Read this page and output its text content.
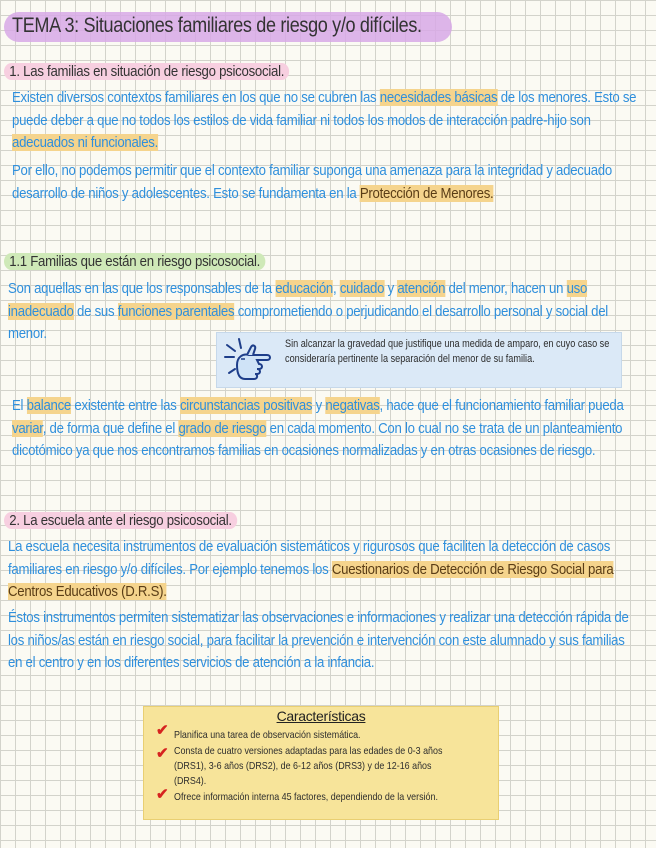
TEMA 3: Situaciones familiares de riesgo y/o difíciles.
1. Las familias en situación de riesgo psicosocial.
Existen diversos contextos familiares en los que no se cubren las necesidades básicas de los menores. Esto se puede deber a que no todos los estilos de vida familiar ni todos los modos de interacción padre-hijo son adecuados ni funcionales.
Por ello, no podemos permitir que el contexto familiar suponga una amenaza para la integridad y adecuado desarrollo de niños y adolescentes. Esto se fundamenta en la Protección de Menores.
1.1 Familias que están en riesgo psicosocial.
Son aquellas en las que los responsables de la educación, cuidado y atención del menor, hacen un uso inadecuado de sus funciones parentales comprometiendo o perjudicando el desarrollo personal y social del menor.
Sin alcanzar la gravedad que justifique una medida de amparo, en cuyo caso se consideraría pertinente la separación del menor de su familia.
El balance existente entre las circunstancias positivas y negativas, hace que el funcionamiento familiar pueda variar, de forma que define el grado de riesgo en cada momento. Con lo cual no se trata de un planteamiento dicotómico ya que nos encontramos familias en ocasiones normalizadas y en otras ocasiones de riesgo.
2. La escuela ante el riesgo psicosocial.
La escuela necesita instrumentos de evaluación sistemáticos y rigurosos que faciliten la detección de casos familiares en riesgo y/o difíciles. Por ejemplo tenemos los Cuestionarios de Detección de Riesgo Social para Centros Educativos (D.R.S).
Éstos instrumentos permiten sistematizar las observaciones e informaciones y realizar una detección rápida de los niños/as están en riesgo social, para facilitar la prevención e intervención con este alumnado y sus familias en el centro y en los diferentes servicios de atención a la infancia.
Características
✔
✔
✔
Planifica una tarea de observación sistemática.
Consta de cuatro versiones adaptadas para las edades de 0-3 años
(DRS1), 3-6 años (DRS2), de 6-12 años (DRS3) y de 12-16 años
(DRS4).
Ofrece información interna 45 factores, dependiendo de la versión.
